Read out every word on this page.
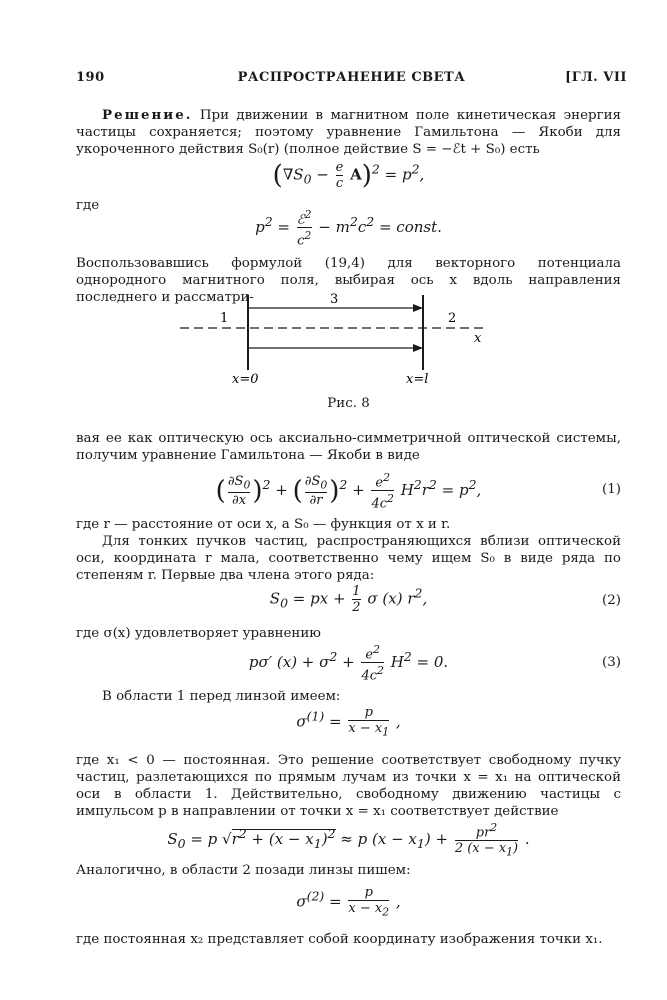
190	РАСПРОСТРАНЕНИЕ СВЕТА	[ГЛ. VII
Решение. При движении в магнитном поле кинетическая энергия частицы сохраняется; поэтому уравнение Гамильтона — Якоби для укороченного действия S₀(r) (полное действие S = −ℰt + S₀) есть
$(\nabla S_0 - \frac{e}{c} A)^2 = p^2$,
где
$p^2 = \frac{ℰ^2}{c^2} - m^2c^2$ = const.
Воспользовавшись формулой (19,4) для векторного потенциала однородного магнитного поля, выбирая ось x вдоль направления последнего и рассматри-
1	2
3
x
x=0	x=l
Рис. 8
вая ее как оптическую ось аксиально-симметричной оптической системы, получим уравнение Гамильтона — Якоби в виде
( $\frac{\partial S_0}{\partial x} )^2$ + ( $\frac{\partial S_0}{\partial r} )^2 + \frac{e^2}{4c^2} H^2r^2 = p^2$,	(1)
где r — расстояние от оси x, а S₀ — функция от x и r.
Для тонких пучков частиц, распространяющихся вблизи оптической оси, координата r мала, соответственно чему ищем S₀ в виде ряда по степеням r. Первые два члена этого ряда:
$S_0$ = px + $\frac{1}{2}$ σ (x) $r^2$,	(2)
где σ(x) удовлетворяет уравнению
pσ′ $(x) + \sigma^2 + \frac{e^2}{4c^2} H^2 = 0$.	(3)
В области 1 перед линзой имеем:
$\sigma^{(1)} = \frac{p}{x - x_1}$ ,
где x₁ < 0 — постоянная. Это решение соответствует свободному пучку частиц, разлетающихся по прямым лучам из точки x = x₁ на оптической оси в области 1. Действительно, свободному движению частицы с импульсом p в направлении от точки x = x₁ соответствует действие
$S_0 = p$ $√r^2 + (x - x_1)^2 \approx p$ $(x - x_1) + \frac{pr^2}{2 (x - x_1)}$ .
Аналогично, в области 2 позади линзы пишем:
$\sigma^{(2)} = \frac{p}{x - x_2}$ ,
где постоянная x₂ представляет собой координату изображения точки x₁.
